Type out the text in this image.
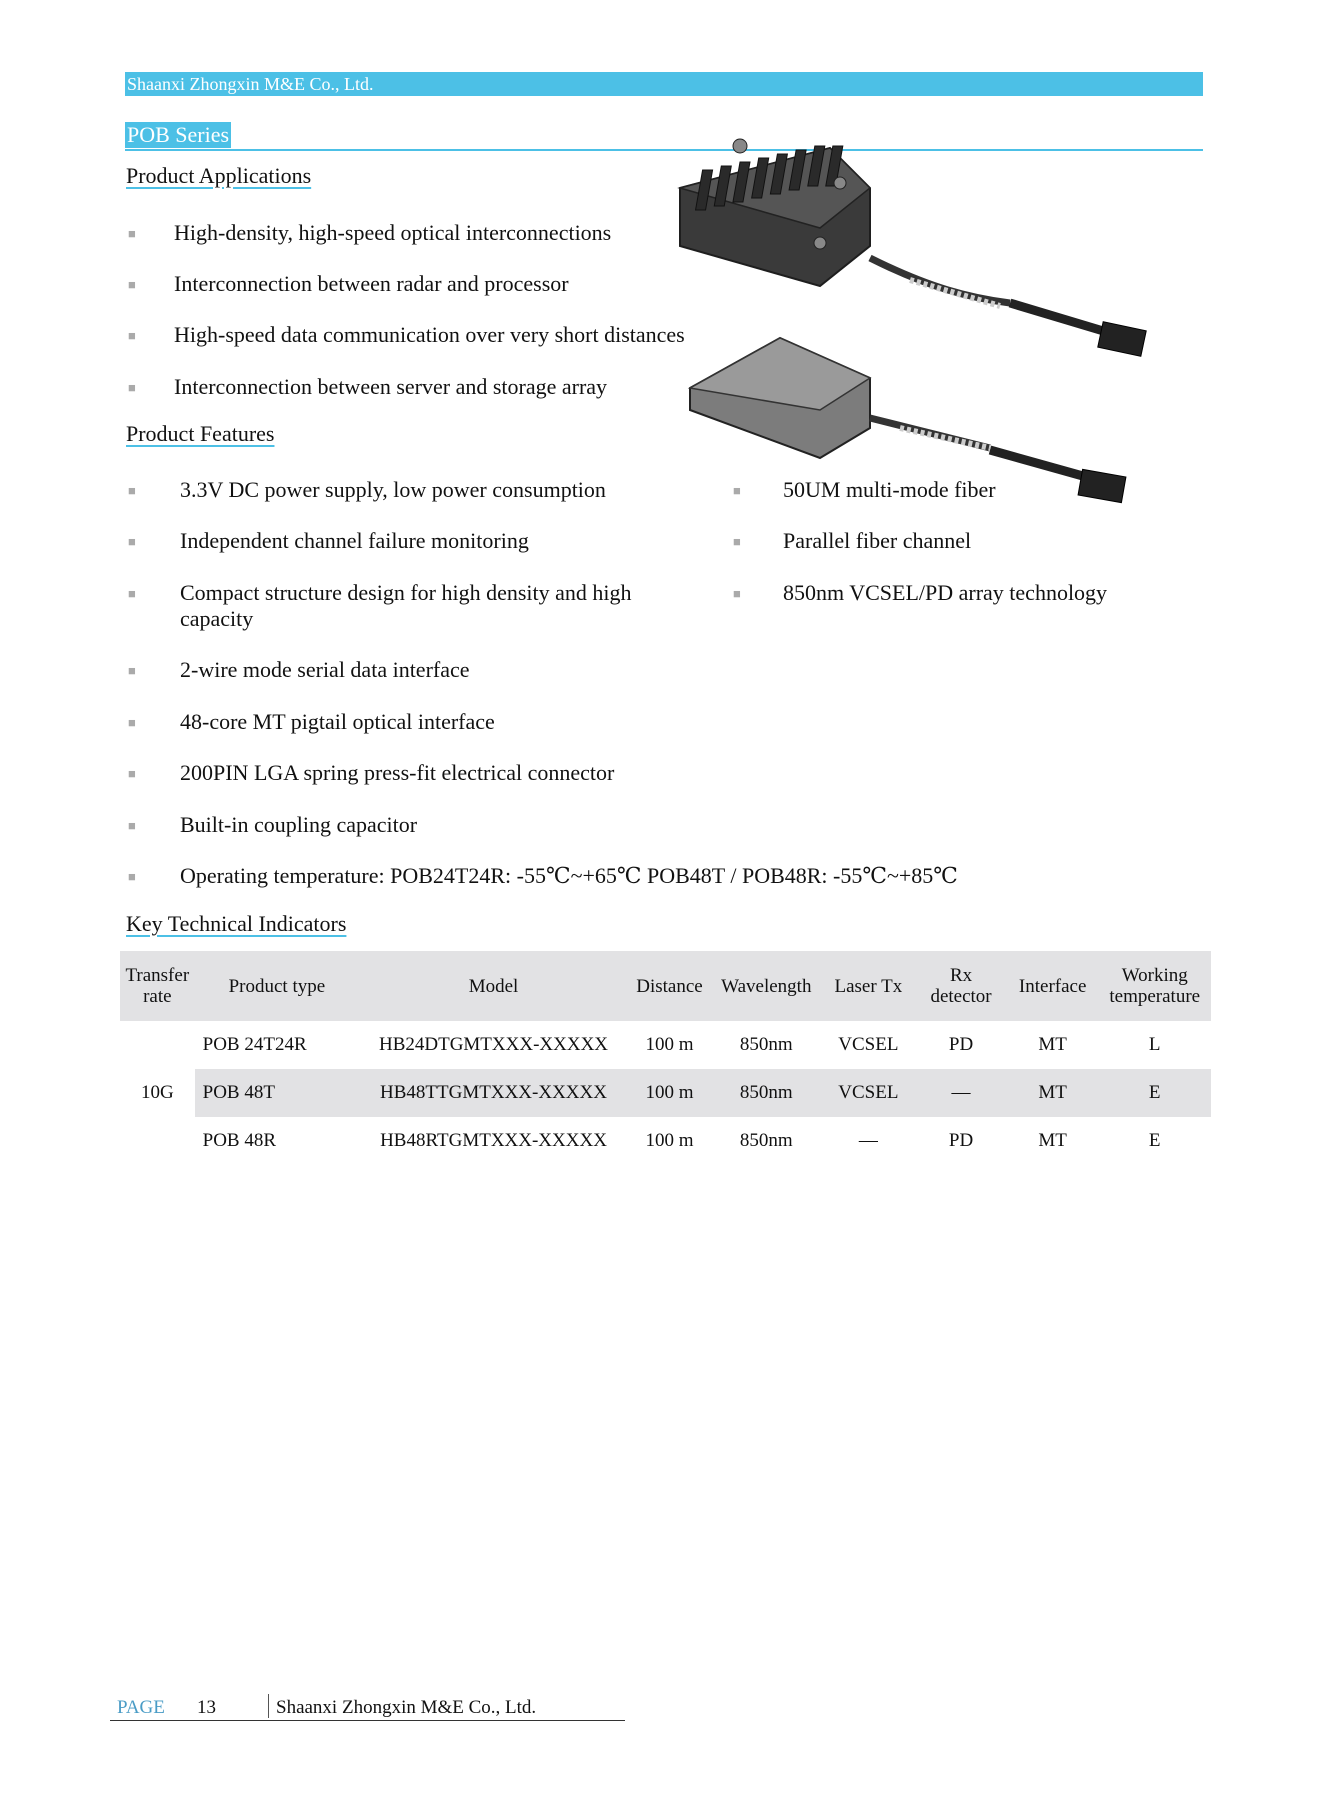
Shaanxi Zhongxin M&E Co., Ltd.
POB Series
Product Applications
■ High-density, high-speed optical interconnections
■ Interconnection between radar and processor
■ High-speed data communication over very short distances
■ Interconnection between server and storage array
Product Features
■ 3.3V DC power supply, low power consumption
■ Independent channel failure monitoring
■ Compact structure design for high density and high capacity
■ 2-wire mode serial data interface
■ 48-core MT pigtail optical interface
■ 200PIN LGA spring press-fit electrical connector
■ Built-in coupling capacitor
■ Operating temperature: POB24T24R: -55℃~+65℃ POB48T / POB48R: -55℃~+85℃
■ 50UM multi-mode fiber
■ Parallel fiber channel
■ 850nm VCSEL/PD array technology
Key Technical Indicators
Transfer rate	Product type	Model	Distance	Wavelength	Laser Tx	Rx detector	Interface	Working temperature
10G	POB 24T24R	HB24DTGMTXXX-XXXXX	100 m	850nm	VCSEL	PD	MT	L
	POB 48T	HB48TTGMTXXX-XXXXX	100 m	850nm	VCSEL	—	MT	E
	POB 48R	HB48RTGMTXXX-XXXXX	100 m	850nm	—	PD	MT	E
PAGE 13	Shaanxi Zhongxin M&E Co., Ltd.
